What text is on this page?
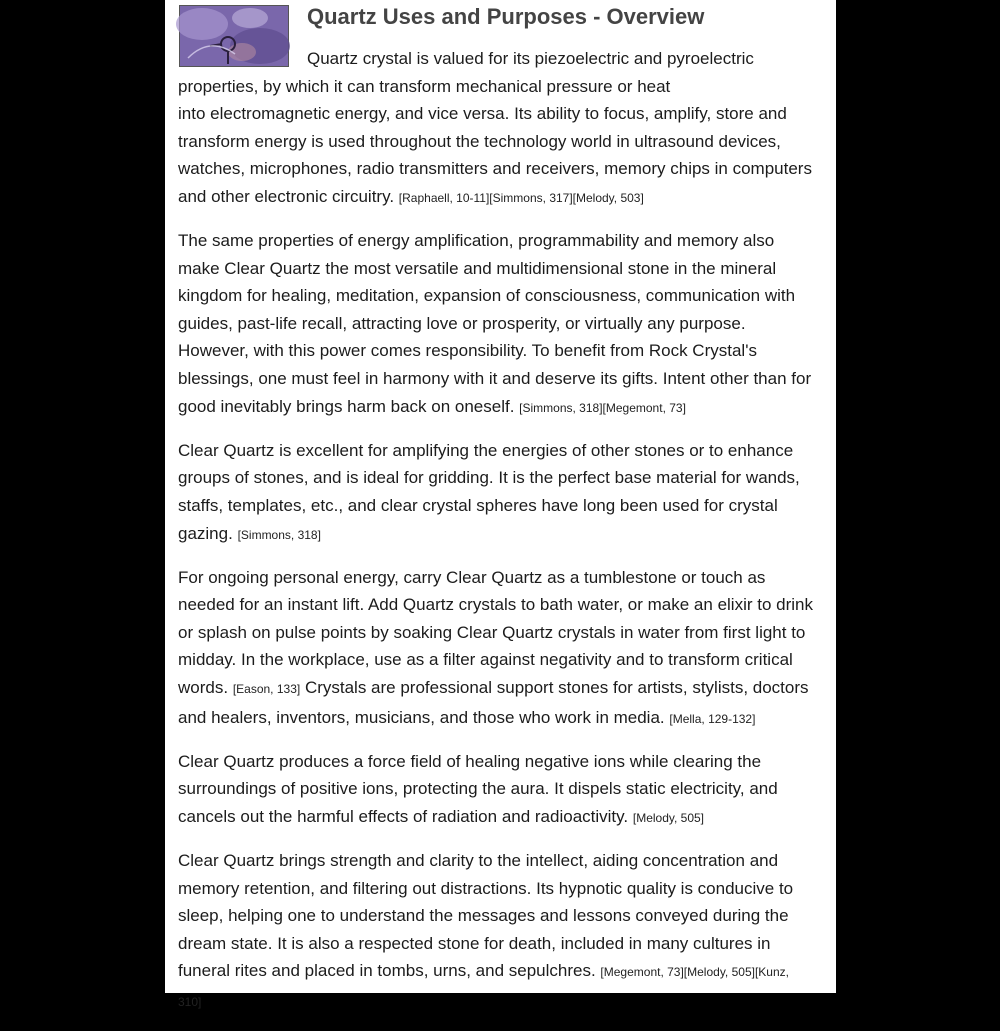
Quartz Uses and Purposes - Overview

Quartz crystal is valued for its piezoelectric and pyroelectric
properties, by which it can transform mechanical pressure or heat
into electromagnetic energy, and vice versa. Its ability to focus, amplify, store and
transform energy is used throughout the technology world in ultrasound devices,
watches, microphones, radio transmitters and receivers, memory chips in computers
and other electronic circuitry. [Raphaell, 10-11][Simmons, 317][Melody, 503]

The same properties of energy amplification, programmability and memory also
make Clear Quartz the most versatile and multidimensional stone in the mineral
kingdom for healing, meditation, expansion of consciousness, communication with
guides, past-life recall, attracting love or prosperity, or virtually any purpose.
However, with this power comes responsibility. To benefit from Rock Crystal's
blessings, one must feel in harmony with it and deserve its gifts. Intent other than for
good inevitably brings harm back on oneself. [Simmons, 318][Megemont, 73]

Clear Quartz is excellent for amplifying the energies of other stones or to enhance
groups of stones, and is ideal for gridding. It is the perfect base material for wands,
staffs, templates, etc., and clear crystal spheres have long been used for crystal
gazing. [Simmons, 318]

For ongoing personal energy, carry Clear Quartz as a tumblestone or touch as
needed for an instant lift. Add Quartz crystals to bath water, or make an elixir to drink
or splash on pulse points by soaking Clear Quartz crystals in water from first light to
midday. In the workplace, use as a filter against negativity and to transform critical
words. [Eason, 133] Crystals are professional support stones for artists, stylists, doctors
and healers, inventors, musicians, and those who work in media. [Mella, 129-132]

Clear Quartz produces a force field of healing negative ions while clearing the
surroundings of positive ions, protecting the aura. It dispels static electricity, and
cancels out the harmful effects of radiation and radioactivity. [Melody, 505]

Clear Quartz brings strength and clarity to the intellect, aiding concentration and
memory retention, and filtering out distractions. Its hypnotic quality is conducive to
sleep, helping one to understand the messages and lessons conveyed during the
dream state. It is also a respected stone for death, included in many cultures in
funeral rites and placed in tombs, urns, and sepulchres. [Megemont, 73][Melody, 505][Kunz,
310]
